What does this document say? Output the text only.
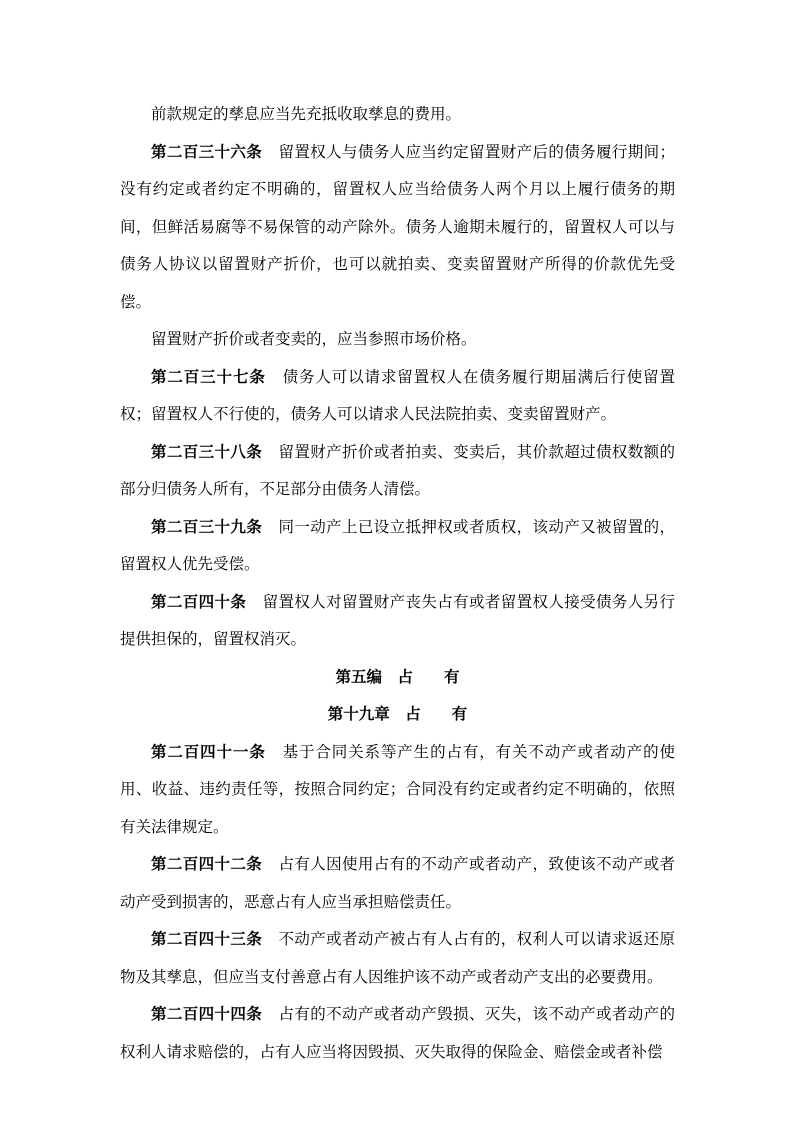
前款规定的孳息应当先充抵收取孳息的费用。

第二百三十六条 留置权人与债务人应当约定留置财产后的债务履行期间；没有约定或者约定不明确的，留置权人应当给债务人两个月以上履行债务的期间，但鲜活易腐等不易保管的动产除外。债务人逾期未履行的，留置权人可以与债务人协议以留置财产折价，也可以就拍卖、变卖留置财产所得的价款优先受偿。

留置财产折价或者变卖的，应当参照市场价格。

第二百三十七条 债务人可以请求留置权人在债务履行期届满后行使留置权；留置权人不行使的，债务人可以请求人民法院拍卖、变卖留置财产。

第二百三十八条 留置财产折价或者拍卖、变卖后，其价款超过债权数额的部分归债务人所有，不足部分由债务人清偿。

第二百三十九条 同一动产上已设立抵押权或者质权，该动产又被留置的，留置权人优先受偿。

第二百四十条 留置权人对留置财产丧失占有或者留置权人接受债务人另行提供担保的，留置权消灭。

第五编　占　　有

第十九章　占　　有

第二百四十一条 基于合同关系等产生的占有，有关不动产或者动产的使用、收益、违约责任等，按照合同约定；合同没有约定或者约定不明确的，依照有关法律规定。

第二百四十二条 占有人因使用占有的不动产或者动产，致使该不动产或者动产受到损害的，恶意占有人应当承担赔偿责任。

第二百四十三条 不动产或者动产被占有人占有的，权利人可以请求返还原物及其孳息，但应当支付善意占有人因维护该不动产或者动产支出的必要费用。

第二百四十四条 占有的不动产或者动产毁损、灭失，该不动产或者动产的权利人请求赔偿的，占有人应当将因毁损、灭失取得的保险金、赔偿金或者补偿
